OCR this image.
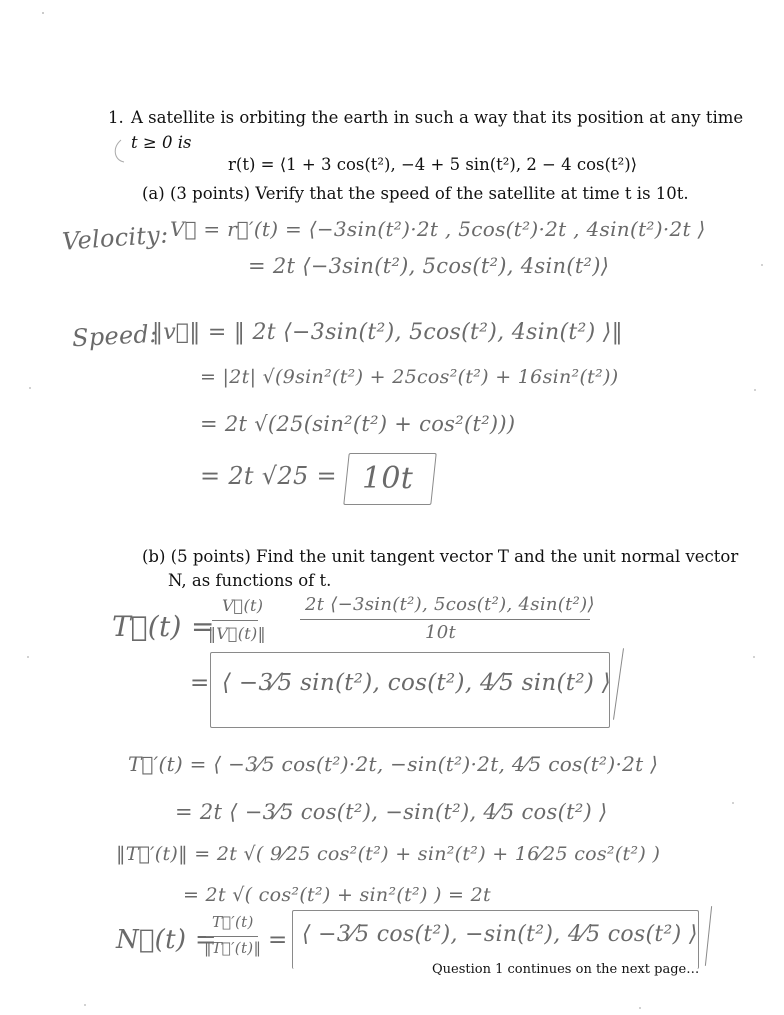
1. A satellite is orbiting the earth in such a way that its position at any time
t ≥ 0 is
r(t) = ⟨1 + 3 cos(t²), −4 + 5 sin(t²), 2 − 4 cos(t²)⟩
(a) (3 points) Verify that the speed of the satellite at time t is 10t.
Velocity: V⃗ = r⃗′(t) = ⟨−3sin(t²)·2t , 5cos(t²)·2t , 4sin(t²)·2t ⟩
= 2t ⟨−3sin(t²), 5cos(t²), 4sin(t²)⟩
Speed:
‖v⃗‖ = ‖ 2t ⟨−3sin(t²), 5cos(t²), 4sin(t²) ⟩‖
= |2t| √(9sin²(t²) + 25cos²(t²) + 16sin²(t²))
= 2t √(25(sin²(t²) + cos²(t²)))
= 2t √25 = 10t
(b) (5 points) Find the unit tangent vector T and the unit normal vector
N, as functions of t.
T⃗(t) =
V⃗(t)
‖V⃗(t)‖
2t ⟨−3sin(t²), 5cos(t²), 4sin(t²)⟩
10t
= ⟨ −3⁄5 sin(t²), cos(t²), 4⁄5 sin(t²) ⟩
T⃗′(t) = ⟨ −3⁄5 cos(t²)·2t, −sin(t²)·2t, 4⁄5 cos(t²)·2t ⟩
= 2t ⟨ −3⁄5 cos(t²), −sin(t²), 4⁄5 cos(t²) ⟩
‖T⃗′(t)‖ = 2t √( 9⁄25 cos²(t²) + sin²(t²) + 16⁄25 cos²(t²) )
= 2t √( cos²(t²) + sin²(t²) ) = 2t
N⃗(t) =
T⃗′(t)
‖T⃗′(t)‖ = ⟨ −3⁄5 cos(t²), −sin(t²), 4⁄5 cos(t²) ⟩
Question 1 continues on the next page…
